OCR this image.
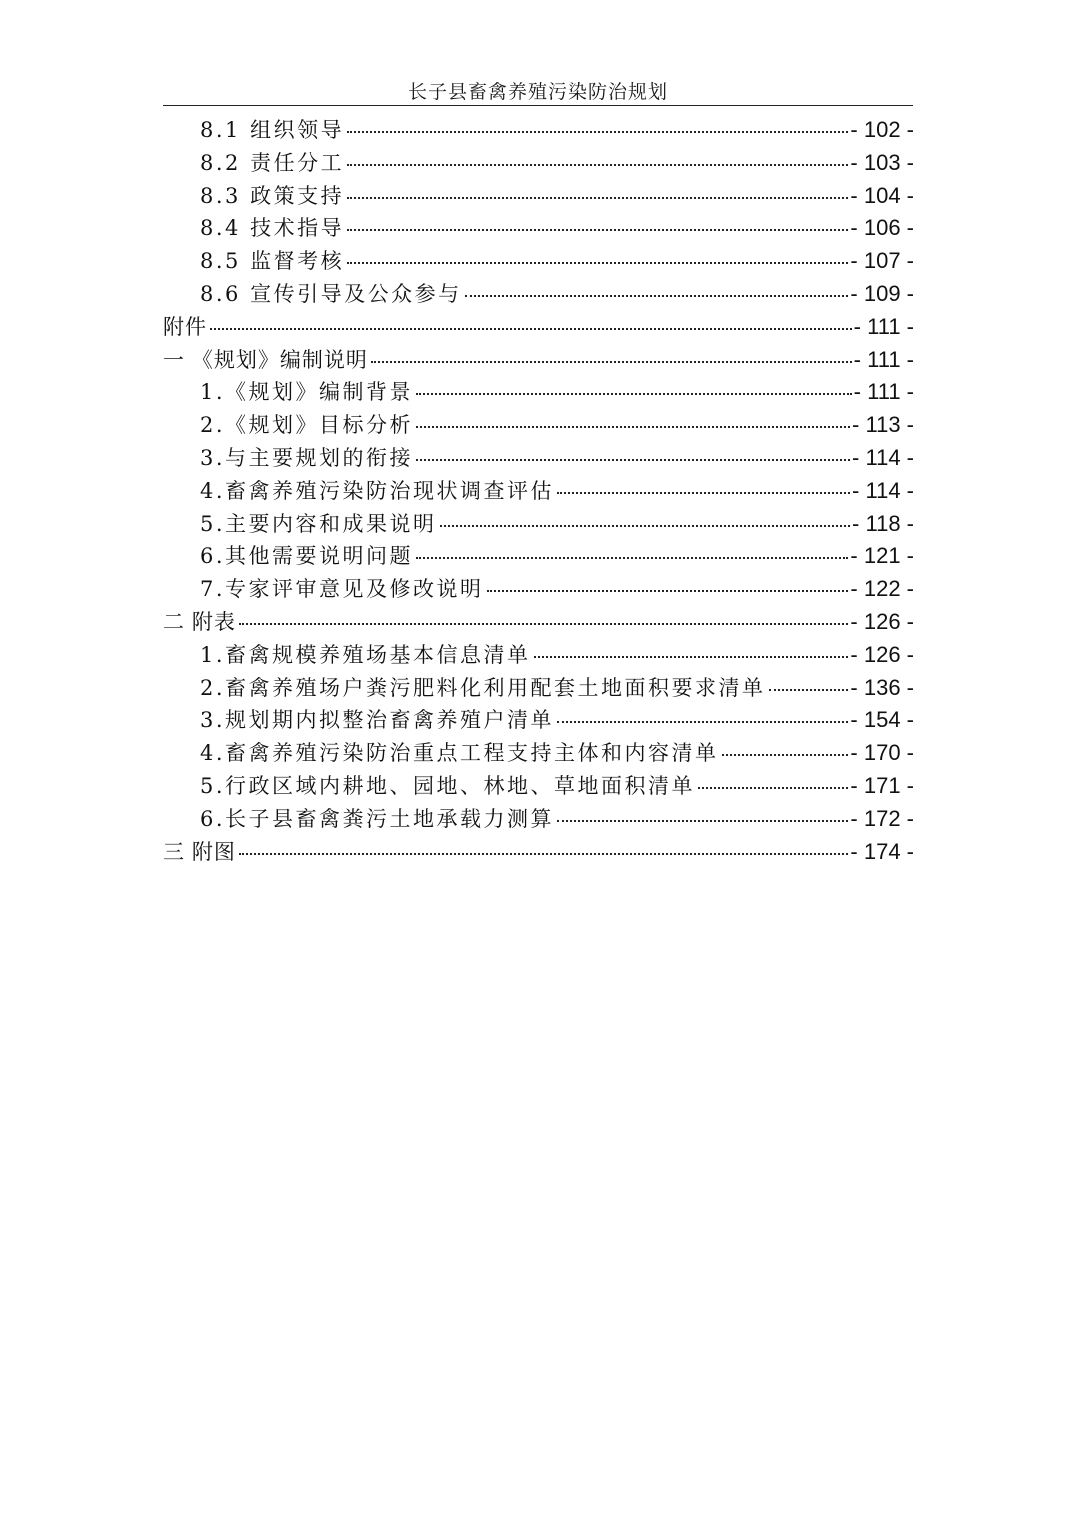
长子县畜禽养殖污染防治规划
8.1 组织领导	- 102 -
8.2 责任分工	- 103 -
8.3 政策支持	- 104 -
8.4 技术指导	- 106 -
8.5 监督考核	- 107 -
8.6 宣传引导及公众参与	- 109 -
附件	- 111 -
一 《规划》编制说明	- 111 -
1.《规划》编制背景	- 111 -
2.《规划》目标分析	- 113 -
3.与主要规划的衔接	- 114 -
4.畜禽养殖污染防治现状调查评估	- 114 -
5.主要内容和成果说明	- 118 -
6.其他需要说明问题	- 121 -
7.专家评审意见及修改说明	- 122 -
二 附表	- 126 -
1.畜禽规模养殖场基本信息清单	- 126 -
2.畜禽养殖场户粪污肥料化利用配套土地面积要求清单	- 136 -
3.规划期内拟整治畜禽养殖户清单	- 154 -
4.畜禽养殖污染防治重点工程支持主体和内容清单	- 170 -
5.行政区域内耕地、园地、林地、草地面积清单	- 171 -
6.长子县畜禽粪污土地承载力测算	- 172 -
三 附图	- 174 -
